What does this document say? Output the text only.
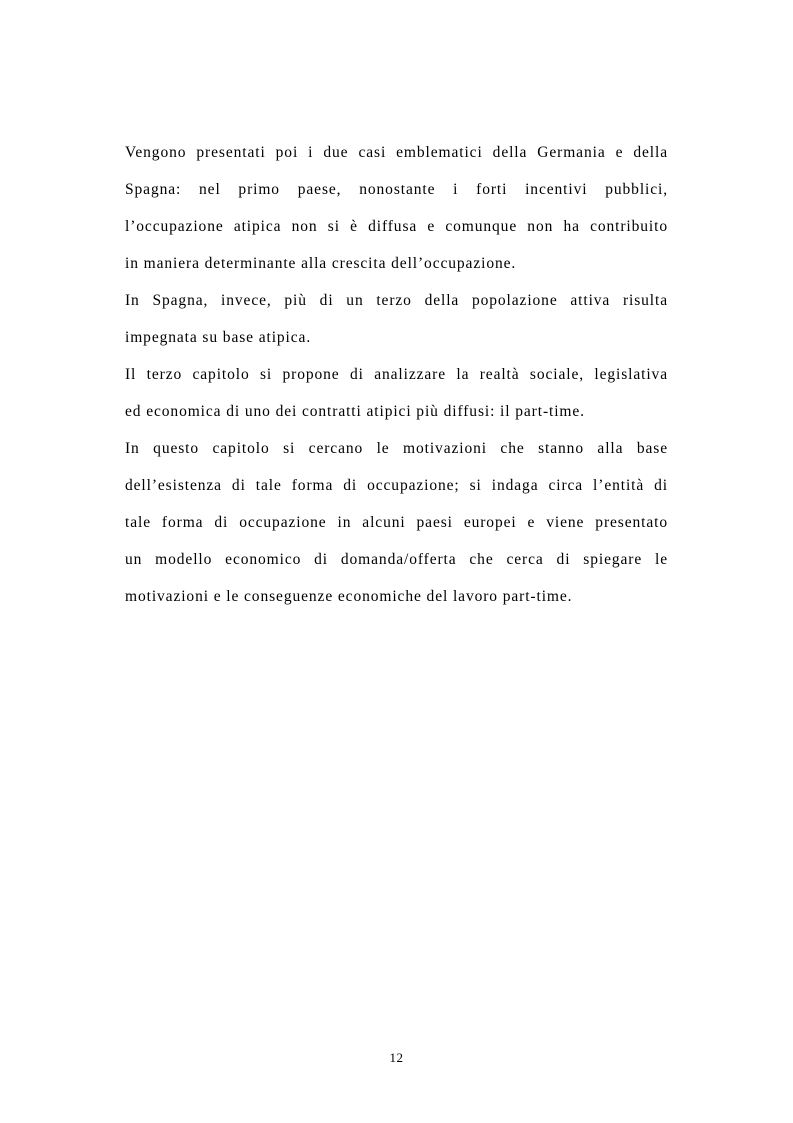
Vengono presentati poi i due casi emblematici della Germania e della
Spagna: nel primo paese, nonostante i forti incentivi pubblici,
l’occupazione atipica non si è diffusa e comunque non ha contribuito
in maniera determinante alla crescita dell’occupazione.
In Spagna, invece, più di un terzo della popolazione attiva risulta
impegnata su base atipica.
Il terzo capitolo si propone di analizzare la realtà sociale, legislativa
ed economica di uno dei contratti atipici più diffusi: il part-time.
In questo capitolo si cercano le motivazioni che stanno alla base
dell’esistenza di tale forma di occupazione; si indaga circa l’entità di
tale forma di occupazione in alcuni paesi europei e viene presentato
un modello economico di domanda/offerta che cerca di spiegare le
motivazioni e le conseguenze economiche del lavoro part-time.
12
